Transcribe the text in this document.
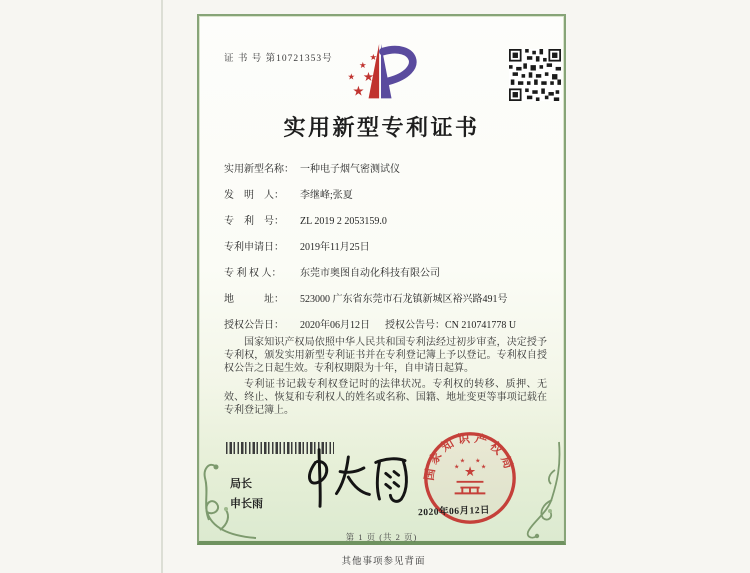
证 书 号 第10721353号	★
★
★
★
★
实用新型专利证书
实用新型名称： 一种电子烟气密测试仪
发　明　人： 李继峰;张夏
专　利　号： ZL 2019 2 2053159.0
专利申请日： 2019年11月25日
专 利 权 人： 东莞市奥图自动化科技有限公司
地　　　址： 523000 广东省东莞市石龙镇新城区裕兴路491号
授权公告日： 2020年06月12日 授权公告号：CN 210741778 U

国家知识产权局依照中华人民共和国专利法经过初步审查，决定授予专利权，颁发实用新型专利证书并在专利登记簿上予以登记。专利权自授权公告之日起生效。专利权期限为十年，自申请日起算。

专利证书记载专利权登记时的法律状况。专利权的转移、质押、无效、终止、恢复和专利权人的姓名或名称、国籍、地址变更等事项记载在专利登记簿上。

局长
申长雨
国家知识产权局
★
★
★ ★
★
2020年06月12日
第 1 页 (共 2 页)
其他事项参见背面
